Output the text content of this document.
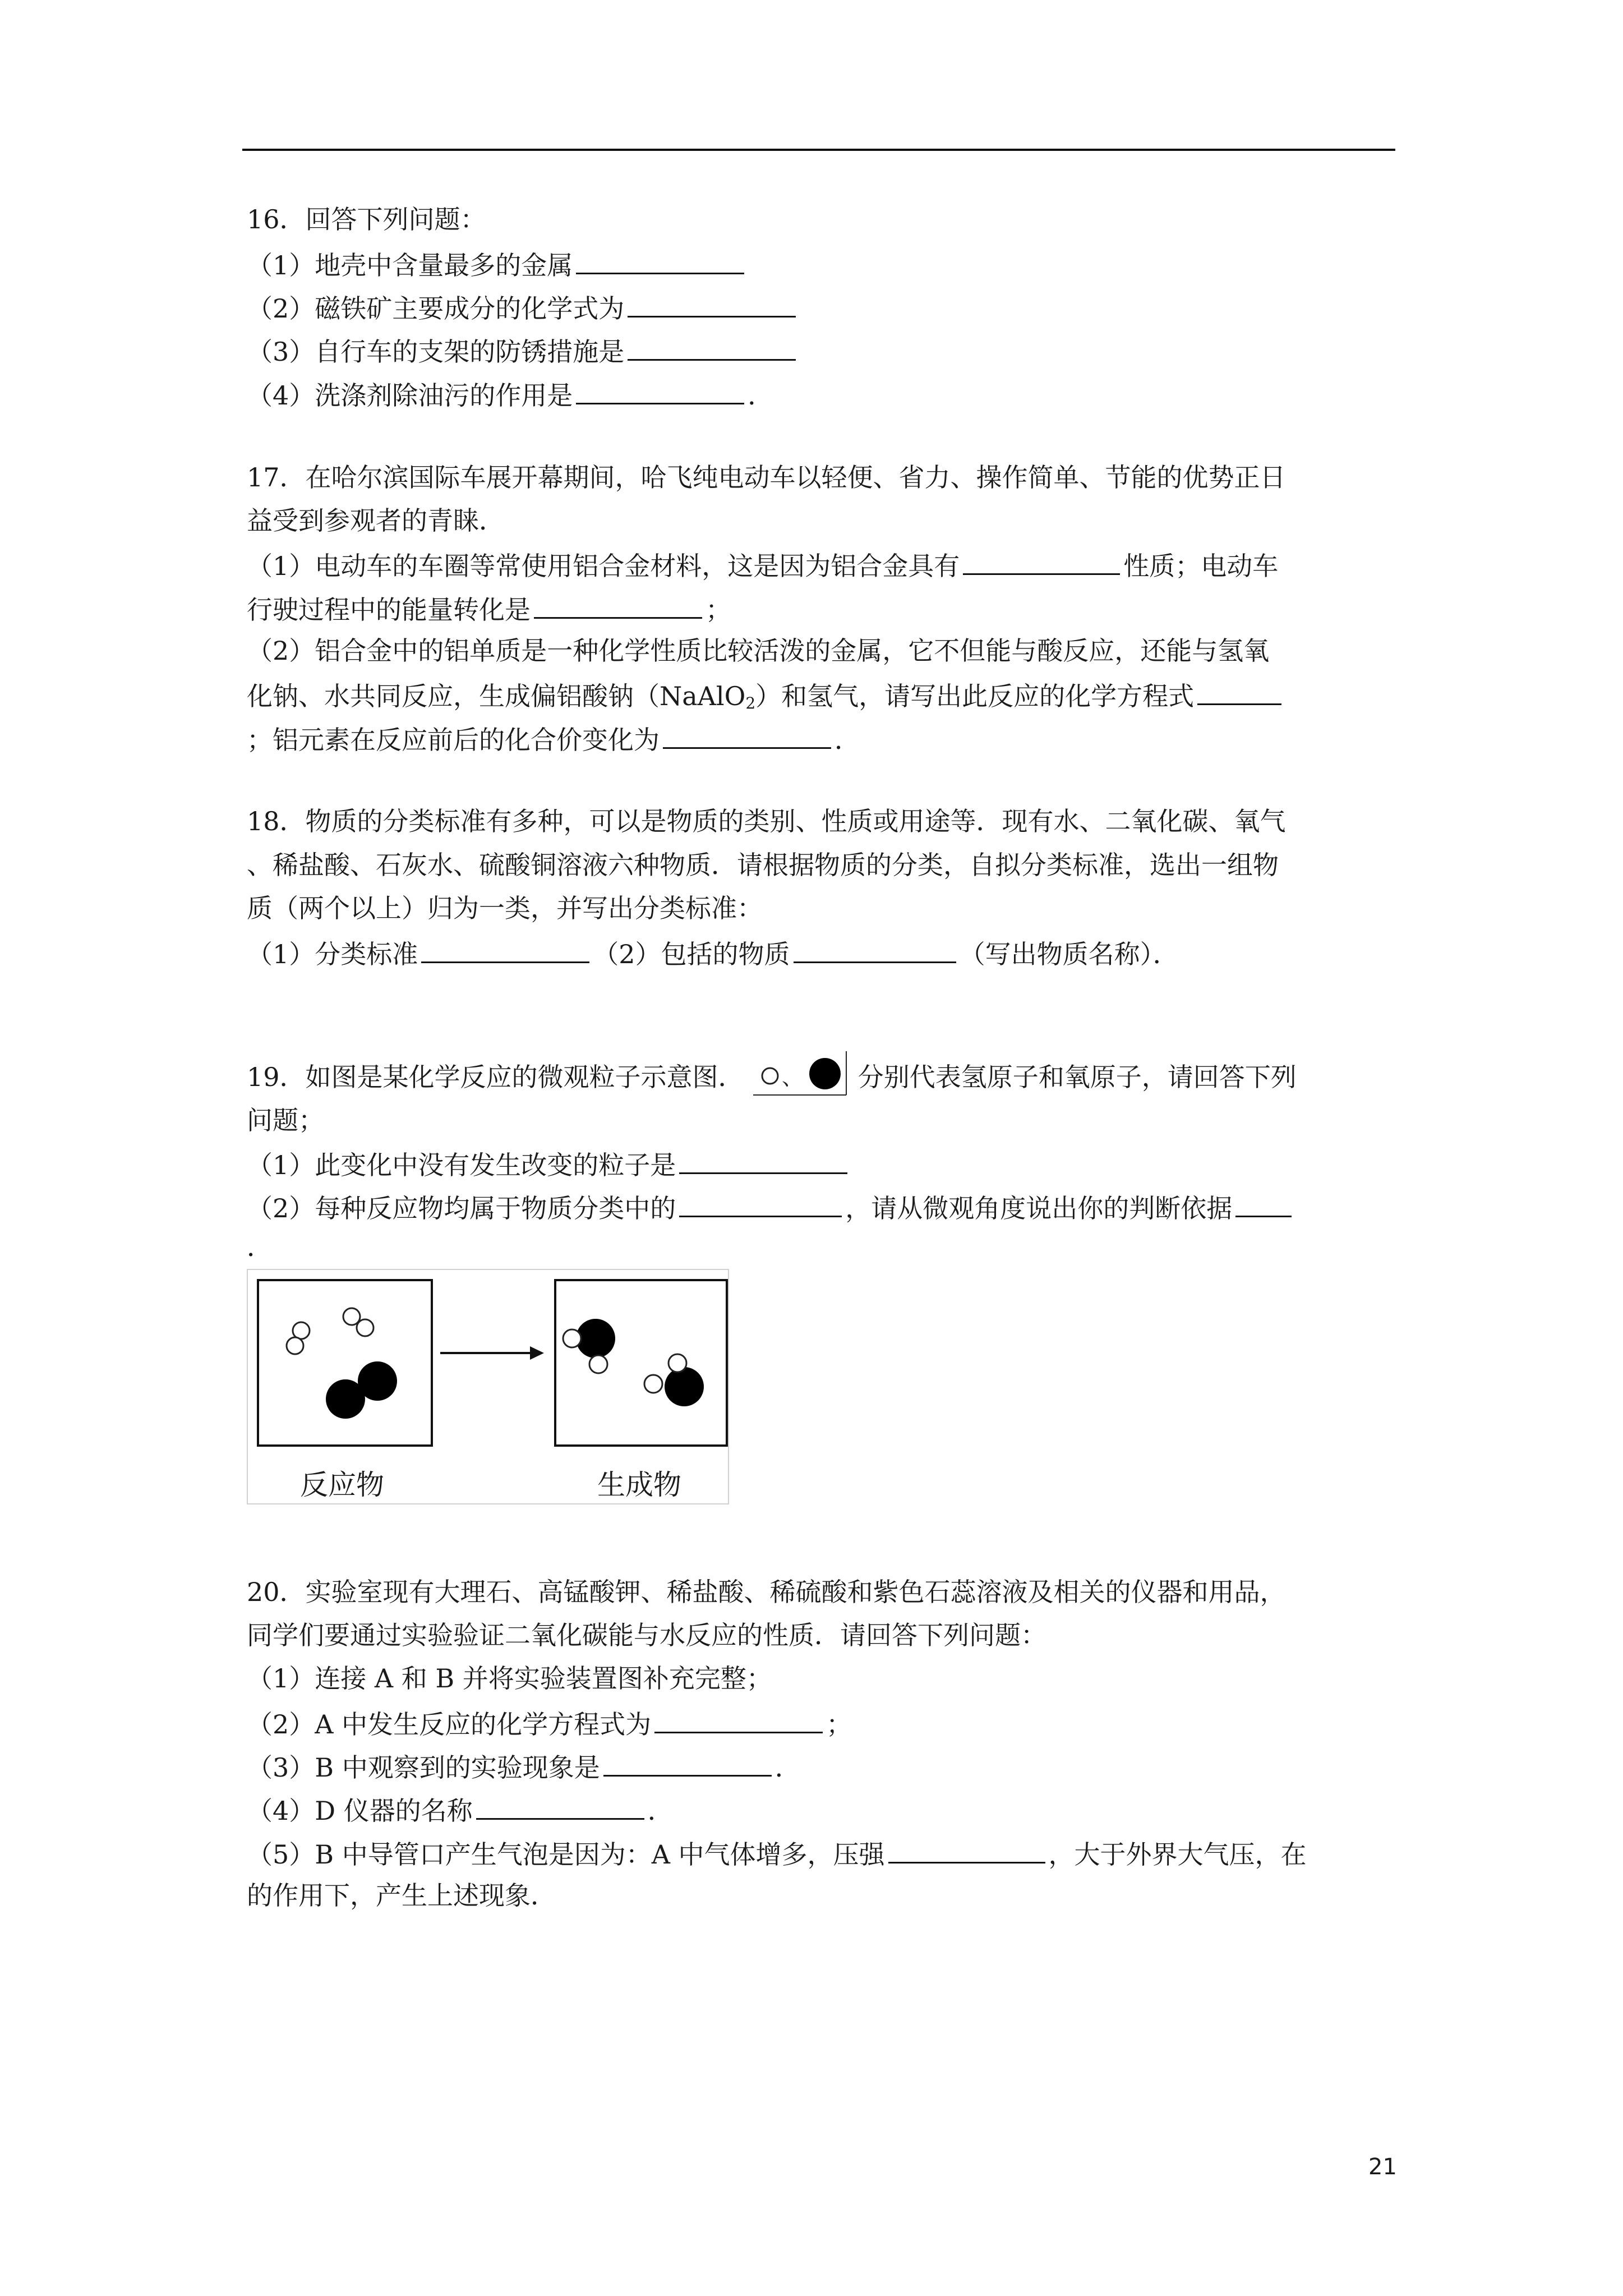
16．回答下列问题：
（1）地壳中含量最多的金属
（2）磁铁矿主要成分的化学式为
（3）自行车的支架的防锈措施是
（4）洗涤剂除油污的作用是	．
17．在哈尔滨国际车展开幕期间，哈飞纯电动车以轻便、省力、操作简单、节能的优势正日
益受到参观者的青睐．
（1）电动车的车圈等常使用铝合金材料，这是因为铝合金具有	性质；电动车
行驶过程中的能量转化是	；
（2）铝合金中的铝单质是一种化学性质比较活泼的金属，它不但能与酸反应，还能与氢氧
化钠、水共同反应，生成偏铝酸钠（NaAlO$_2$）和氢气，请写出此反应的化学方程式
；铝元素在反应前后的化合价变化为	．
18．物质的分类标准有多种，可以是物质的类别、性质或用途等．现有水、二氧化碳、氧气
、稀盐酸、石灰水、硫酸铜溶液六种物质．请根据物质的分类，自拟分类标准，选出一组物
质（两个以上）归为一类，并写出分类标准：
（1）分类标准	（2）包括的物质	（写出物质名称）．
19．如图是某化学反应的微观粒子示意图． 、 分别代表氢原子和氧原子，请回答下列
问题；
（1）此变化中没有发生改变的粒子是
（2）每种反应物均属于物质分类中的	，请从微观角度说出你的判断依据
．
反应物	生成物
20．实验室现有大理石、高锰酸钾、稀盐酸、稀硫酸和紫色石蕊溶液及相关的仪器和用品，
同学们要通过实验验证二氧化碳能与水反应的性质．请回答下列问题：
（1）连接 A 和 B 并将实验装置图补充完整；
（2）A 中发生反应的化学方程式为	；
（3）B 中观察到的实验现象是	．
（4）D 仪器的名称	．
（5）B 中导管口产生气泡是因为：A 中气体增多，压强	，大于外界大气压，在
的作用下，产生上述现象．
21
